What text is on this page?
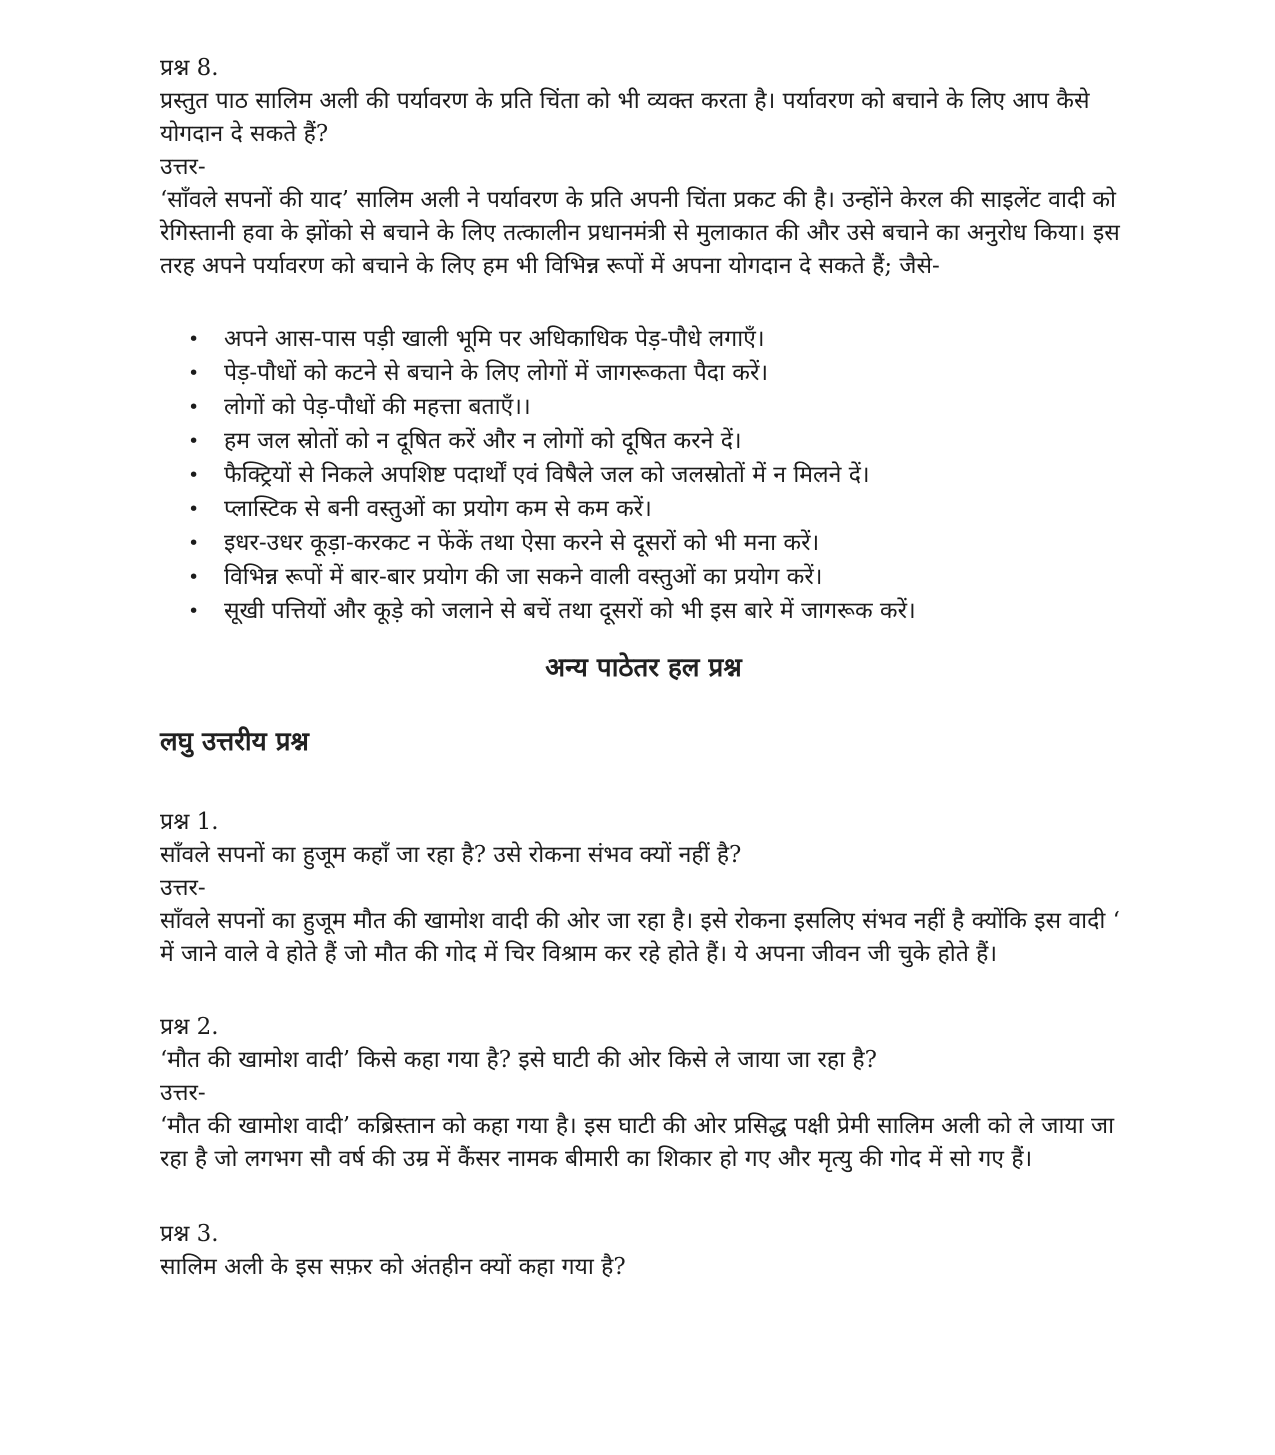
प्रश्न 8.

प्रस्तुत पाठ सालिम अली की पर्यावरण के प्रति चिंता को भी व्यक्त करता है। पर्यावरण को बचाने के लिए आप कैसे योगदान दे सकते हैं?

उत्तर-

‘साँवले सपनों की याद’ सालिम अली ने पर्यावरण के प्रति अपनी चिंता प्रकट की है। उन्होंने केरल की साइलेंट वादी को रेगिस्तानी हवा के झोंको से बचाने के लिए तत्कालीन प्रधानमंत्री से मुलाकात की और उसे बचाने का अनुरोध किया। इस तरह अपने पर्यावरण को बचाने के लिए हम भी विभिन्न रूपों में अपना योगदान दे सकते हैं; जैसे-

•	अपने आस-पास पड़ी खाली भूमि पर अधिकाधिक पेड़-पौधे लगाएँ।
•	पेड़-पौधों को कटने से बचाने के लिए लोगों में जागरूकता पैदा करें।
•	लोगों को पेड़-पौधों की महत्ता बताएँ।।
•	हम जल स्रोतों को न दूषित करें और न लोगों को दूषित करने दें।
•	फैक्ट्रियों से निकले अपशिष्ट पदार्थों एवं विषैले जल को जलस्रोतों में न मिलने दें।
•	प्लास्टिक से बनी वस्तुओं का प्रयोग कम से कम करें।
•	इधर-उधर कूड़ा-करकट न फेंकें तथा ऐसा करने से दूसरों को भी मना करें।
•	विभिन्न रूपों में बार-बार प्रयोग की जा सकने वाली वस्तुओं का प्रयोग करें।
•	सूखी पत्तियों और कूड़े को जलाने से बचें तथा दूसरों को भी इस बारे में जागरूक करें।
अन्य पाठेतर हल प्रश्न
लघु उत्तरीय प्रश्न

प्रश्न 1.

साँवले सपनों का हुजूम कहाँ जा रहा है? उसे रोकना संभव क्यों नहीं है?

उत्तर-

साँवले सपनों का हुजूम मौत की खामोश वादी की ओर जा रहा है। इसे रोकना इसलिए संभव नहीं है क्योंकि इस वादी ‘ में जाने वाले वे होते हैं जो मौत की गोद में चिर विश्राम कर रहे होते हैं। ये अपना जीवन जी चुके होते हैं।

प्रश्न 2.

‘मौत की खामोश वादी’ किसे कहा गया है? इसे घाटी की ओर किसे ले जाया जा रहा है?

उत्तर-

‘मौत की खामोश वादी’ कब्रिस्तान को कहा गया है। इस घाटी की ओर प्रसिद्ध पक्षी प्रेमी सालिम अली को ले जाया जा रहा है जो लगभग सौ वर्ष की उम्र में कैंसर नामक बीमारी का शिकार हो गए और मृत्यु की गोद में सो गए हैं।

प्रश्न 3.

सालिम अली के इस सफ़र को अंतहीन क्यों कहा गया है?
